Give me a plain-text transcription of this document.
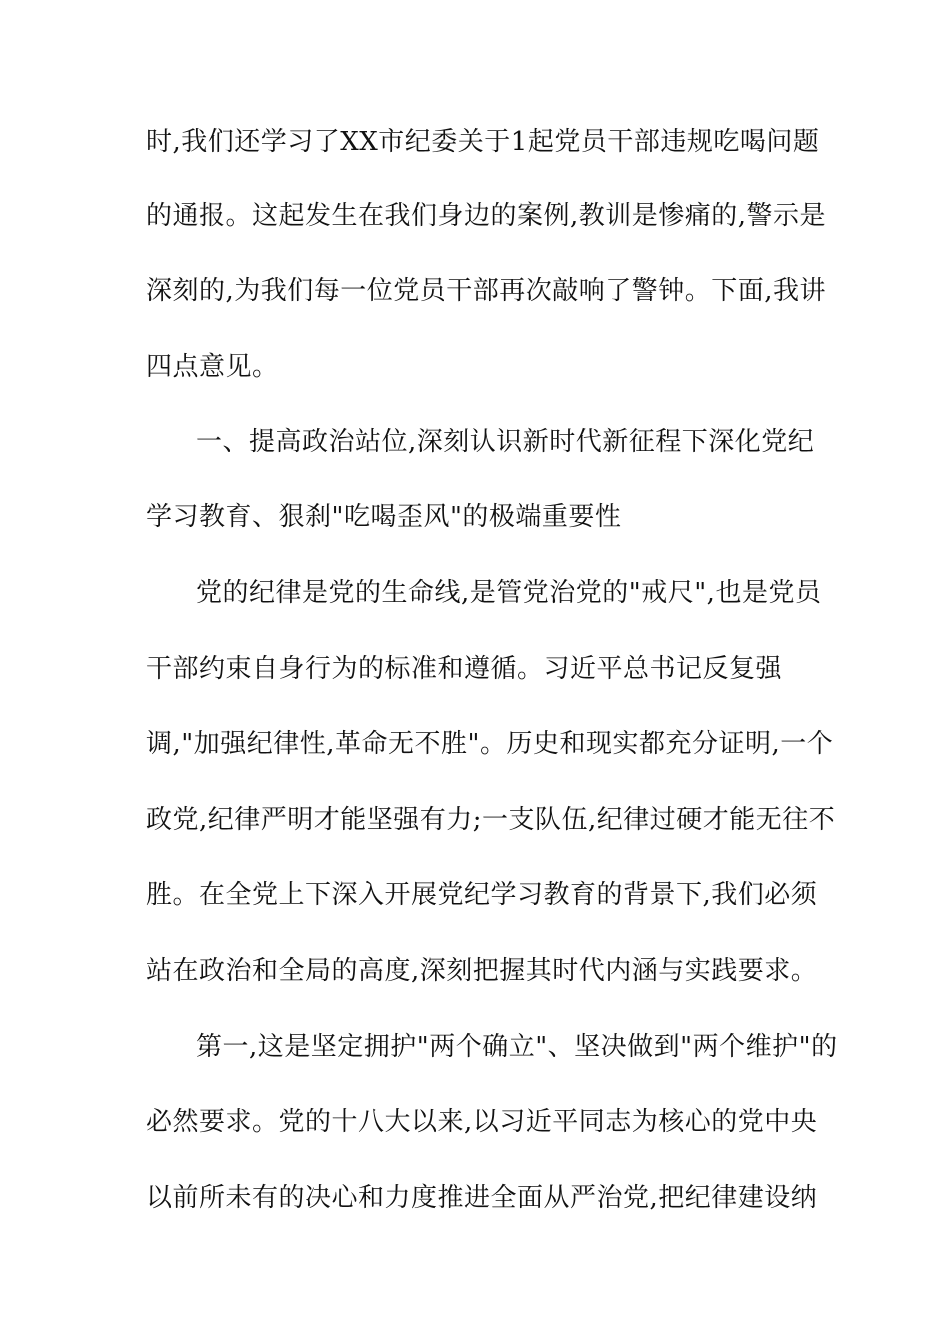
时,我们还学习了XX市纪委关于1起党员干部违规吃喝问题
的通报。这起发生在我们身边的案例,教训是惨痛的,警示是
深刻的,为我们每一位党员干部再次敲响了警钟。下面,我讲
四点意见。
一、提高政治站位,深刻认识新时代新征程下深化党纪
学习教育、狠刹"吃喝歪风"的极端重要性
党的纪律是党的生命线,是管党治党的"戒尺",也是党员
干部约束自身行为的标准和遵循。习近平总书记反复强
调,"加强纪律性,革命无不胜"。历史和现实都充分证明,一个
政党,纪律严明才能坚强有力;一支队伍,纪律过硬才能无往不
胜。在全党上下深入开展党纪学习教育的背景下,我们必须
站在政治和全局的高度,深刻把握其时代内涵与实践要求。
第一,这是坚定拥护"两个确立"、坚决做到"两个维护"的
必然要求。党的十八大以来,以习近平同志为核心的党中央
以前所未有的决心和力度推进全面从严治党,把纪律建设纳
